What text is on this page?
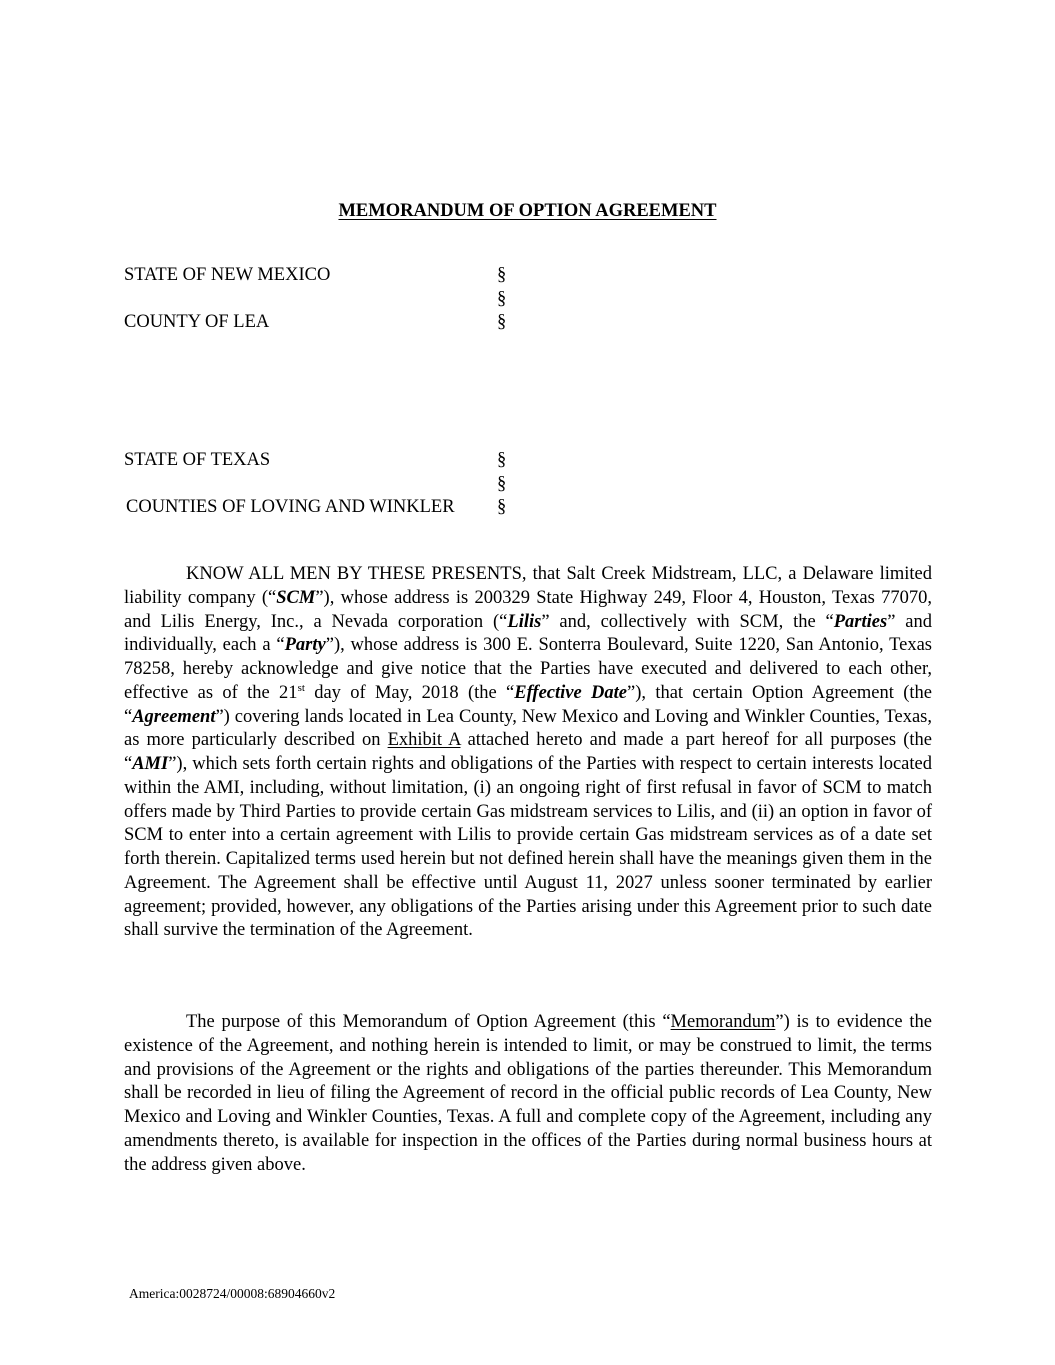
MEMORANDUM OF OPTION AGREEMENT
STATE OF NEW MEXICO	§
§
COUNTY OF LEA	§
STATE OF TEXAS	§
§
COUNTIES OF LOVING AND WINKLER §
KNOW ALL MEN BY THESE PRESENTS, that Salt Creek Midstream, LLC, a Delaware limited liability company (“SCM”), whose address is 200329 State Highway 249, Floor 4, Houston, Texas 77070, and Lilis Energy, Inc., a Nevada corporation (“Lilis” and, collectively with SCM, the “Parties” and individually, each a “Party”), whose address is 300 E. Sonterra Boulevard, Suite 1220, San Antonio, Texas 78258, hereby acknowledge and give notice that the Parties have executed and delivered to each other, effective as of the 21st day of May, 2018 (the “Effective Date”), that certain Option Agreement (the “Agreement”) covering lands located in Lea County, New Mexico and Loving and Winkler Counties, Texas, as more particularly described on Exhibit A attached hereto and made a part hereof for all purposes (the “AMI”), which sets forth certain rights and obligations of the Parties with respect to certain interests located within the AMI, including, without limitation, (i) an ongoing right of first refusal in favor of SCM to match offers made by Third Parties to provide certain Gas midstream services to Lilis, and (ii) an option in favor of SCM to enter into a certain agreement with Lilis to provide certain Gas midstream services as of a date set forth therein. Capitalized terms used herein but not defined herein shall have the meanings given them in the Agreement. The Agreement shall be effective until August 11, 2027 unless sooner terminated by earlier agreement; provided, however, any obligations of the Parties arising under this Agreement prior to such date shall survive the termination of the Agreement.
The purpose of this Memorandum of Option Agreement (this “Memorandum”) is to evidence the existence of the Agreement, and nothing herein is intended to limit, or may be construed to limit, the terms and provisions of the Agreement or the rights and obligations of the parties thereunder. This Memorandum shall be recorded in lieu of filing the Agreement of record in the official public records of Lea County, New Mexico and Loving and Winkler Counties, Texas. A full and complete copy of the Agreement, including any amendments thereto, is available for inspection in the offices of the Parties during normal business hours at the address given above.
America:0028724/00008:68904660v2
